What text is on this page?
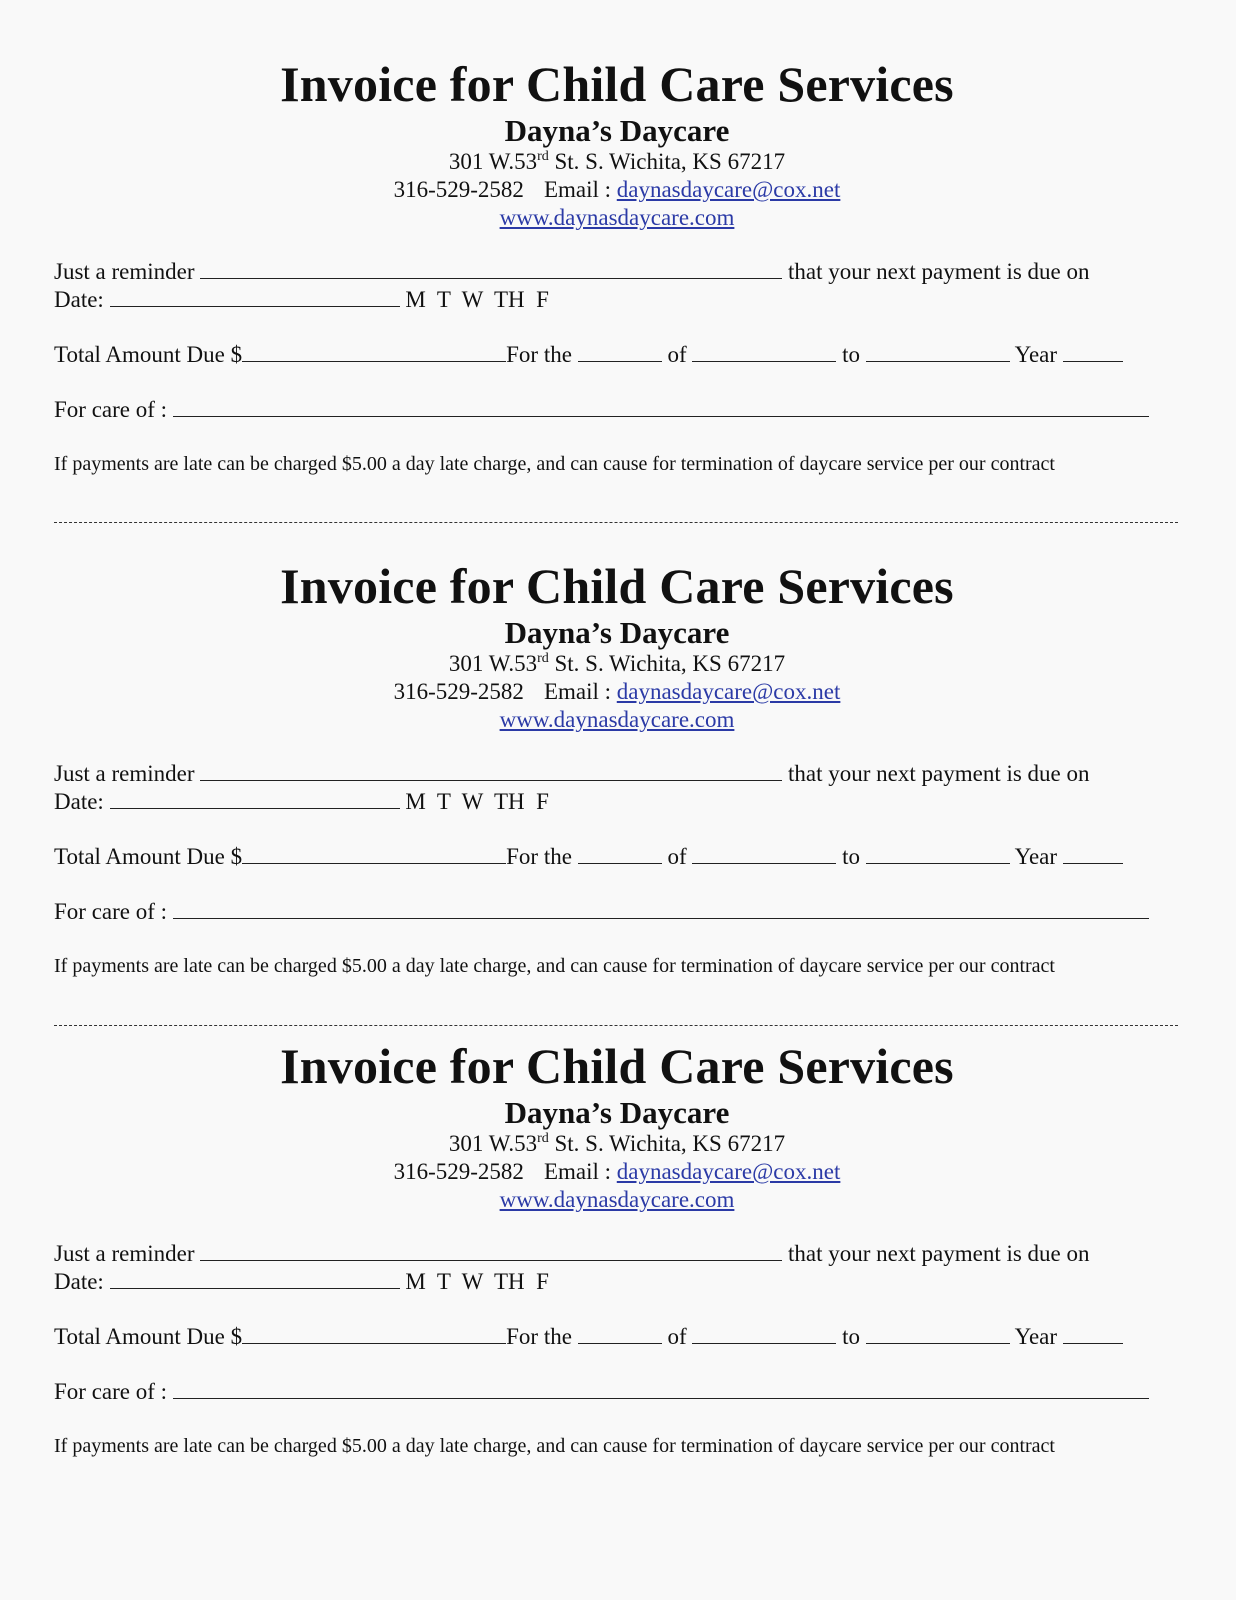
Invoice for Child Care Services
Dayna’s Daycare
301 W.53rd St. S. Wichita, KS 67217
316-529-2582 Email : daynasdaycare@cox.net
www.daynasdaycare.com
Just a reminder	that your next payment is due on
Date:	M  T  W  TH  F
Total Amount Due $	For the	of	to	Year
For care of :
If payments are late can be charged $5.00 a day late charge, and can cause for termination of daycare service per our contract
Invoice for Child Care Services
Dayna’s Daycare
301 W.53rd St. S. Wichita, KS 67217
316-529-2582 Email : daynasdaycare@cox.net
www.daynasdaycare.com
Just a reminder	that your next payment is due on
Date:	M  T  W  TH  F
Total Amount Due $	For the	of	to	Year
For care of :
If payments are late can be charged $5.00 a day late charge, and can cause for termination of daycare service per our contract
Invoice for Child Care Services
Dayna’s Daycare
301 W.53rd St. S. Wichita, KS 67217
316-529-2582 Email : daynasdaycare@cox.net
www.daynasdaycare.com
Just a reminder	that your next payment is due on
Date:	M  T  W  TH  F
Total Amount Due $	For the	of	to	Year
For care of :
If payments are late can be charged $5.00 a day late charge, and can cause for termination of daycare service per our contract
